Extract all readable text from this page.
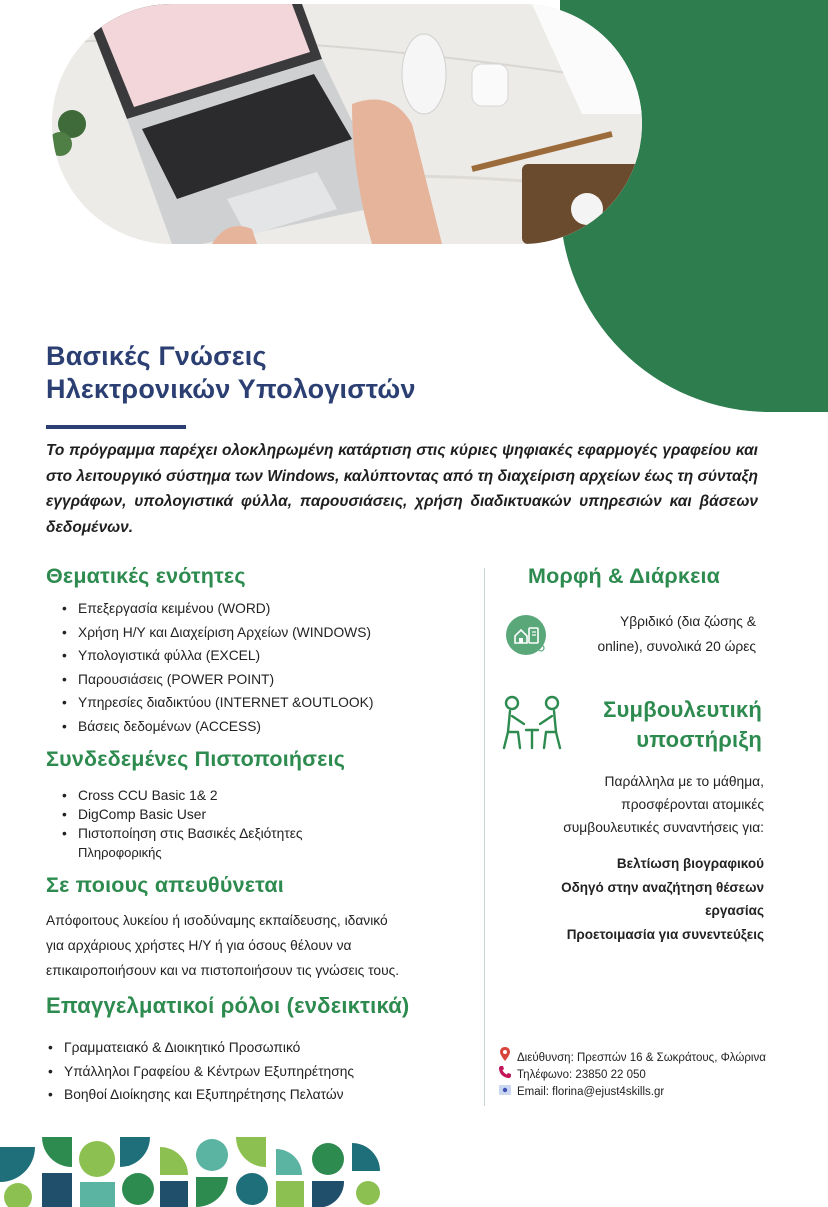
Βασικές Γνώσεις
Ηλεκτρονικών Υπολογιστών
Το πρόγραμμα παρέχει ολοκληρωμένη κατάρτιση στις κύριες ψηφιακές εφαρμογές γραφείου και στο λειτουργικό σύστημα των Windows, καλύπτοντας από τη διαχείριση αρχείων έως τη σύνταξη εγγράφων, υπολογιστικά φύλλα, παρουσιάσεις, χρήση διαδικτυακών υπηρεσιών και βάσεων δεδομένων.
Θεματικές ενότητες
• Επεξεργασία κειμένου (WORD)
• Χρήση Η/Υ και Διαχείριση Αρχείων (WINDOWS)
• Υπολογιστικά φύλλα (EXCEL)
• Παρουσιάσεις (POWER POINT)
• Υπηρεσίες διαδικτύου (INTERNET &OUTLOOK)
• Βάσεις δεδομένων (ACCESS)
Συνδεδεμένες Πιστοποιήσεις
• Cross CCU Basic 1& 2
• DigComp Basic User
• Πιστοποίηση στις Βασικές Δεξιότητες
Πληροφορικής
Σε ποιους απευθύνεται
Απόφοιτους λυκείου ή ισοδύναμης εκπαίδευσης, ιδανικό
για αρχάριους χρήστες Η/Υ ή για όσους θέλουν να
επικαιροποιήσουν και να πιστοποιήσουν τις γνώσεις τους.
Επαγγελματικοί ρόλοι (ενδεικτικά)
• Γραμματειακό & Διοικητικό Προσωπικό
• Υπάλληλοι Γραφείου & Κέντρων Εξυπηρέτησης
• Βοηθοί Διοίκησης και Εξυπηρέτησης Πελατών
Μορφή & Διάρκεια
Υβριδικό (δια ζώσης &
online), συνολικά 20 ώρες
Συμβουλευτική
υποστήριξη
Παράλληλα με το μάθημα,
προσφέρονται ατομικές
συμβουλευτικές συναντήσεις για:
Βελτίωση βιογραφικού
Οδηγό στην αναζήτηση θέσεων
εργασίας
Προετοιμασία για συνεντεύξεις
Διεύθυνση: Πρεσπών 16 & Σωκράτους, Φλώρινα
Τηλέφωνο: 23850 22 050
Email: florina@ejust4skills.gr
